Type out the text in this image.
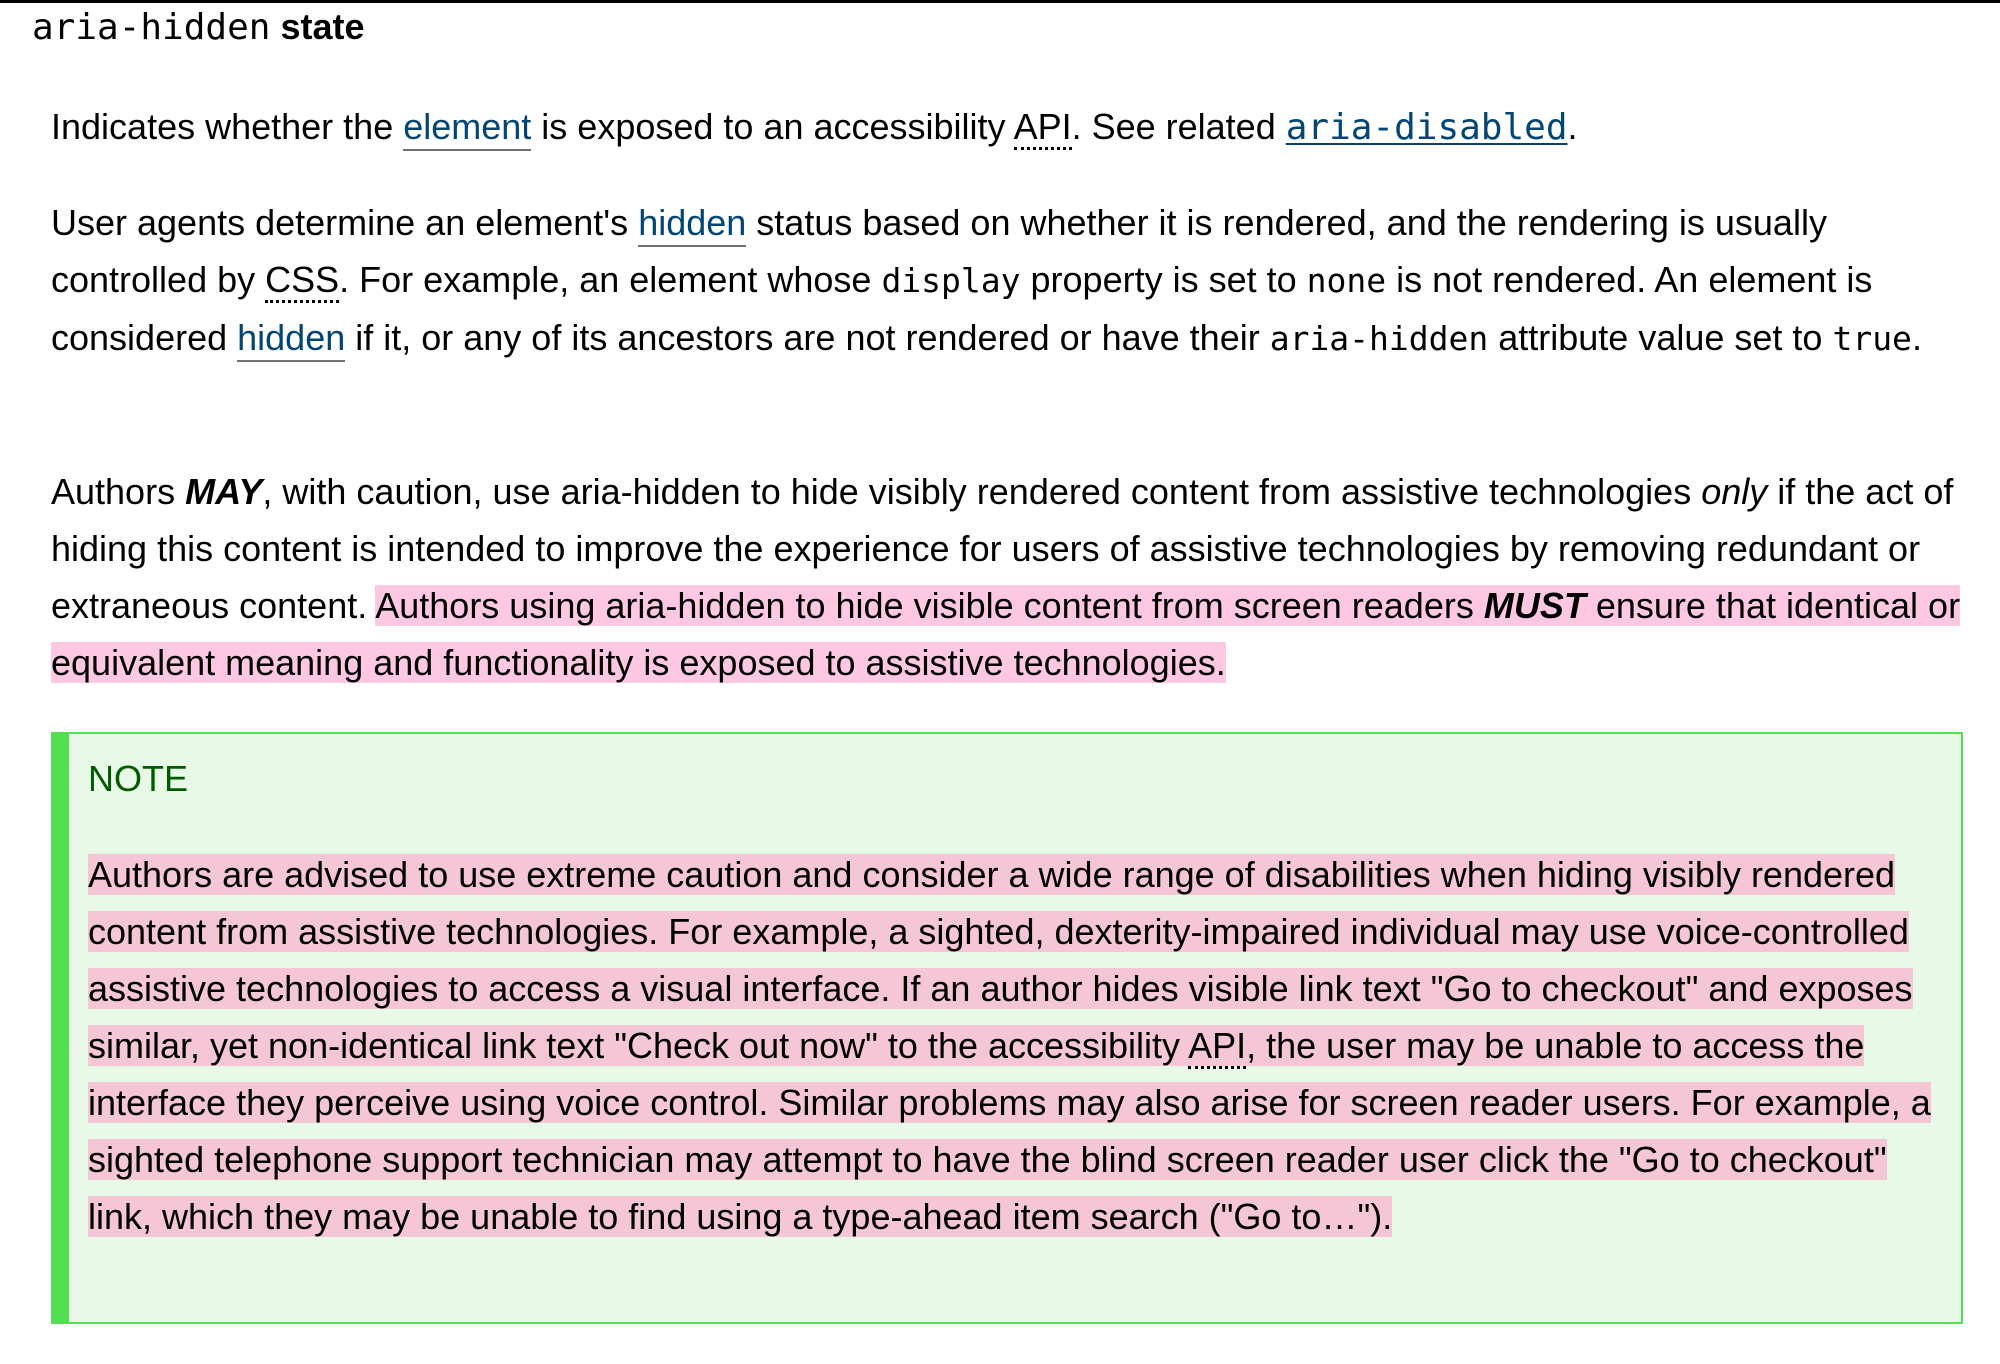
aria-hidden state

Indicates whether the element is exposed to an accessibility API. See related aria-disabled.

User agents determine an element's hidden status based on whether it is rendered, and the rendering is usually controlled by CSS. For example, an element whose display property is set to none is not rendered. An element is considered hidden if it, or any of its ancestors are not rendered or have their aria-hidden attribute value set to true.

Authors MAY, with caution, use aria-hidden to hide visibly rendered content from assistive technologies only if the act of hiding this content is intended to improve the experience for users of assistive technologies by removing redundant or extraneous content. Authors using aria-hidden to hide visible content from screen readers MUST ensure that identical or equivalent meaning and functionality is exposed to assistive technologies.

NOTE

Authors are advised to use extreme caution and consider a wide range of disabilities when hiding visibly rendered content from assistive technologies. For example, a sighted, dexterity-impaired individual may use voice-controlled assistive technologies to access a visual interface. If an author hides visible link text "Go to checkout" and exposes similar, yet non-identical link text "Check out now" to the accessibility API, the user may be unable to access the interface they perceive using voice control. Similar problems may also arise for screen reader users. For example, a sighted telephone support technician may attempt to have the blind screen reader user click the "Go to checkout" link, which they may be unable to find using a type-ahead item search ("Go to…").
